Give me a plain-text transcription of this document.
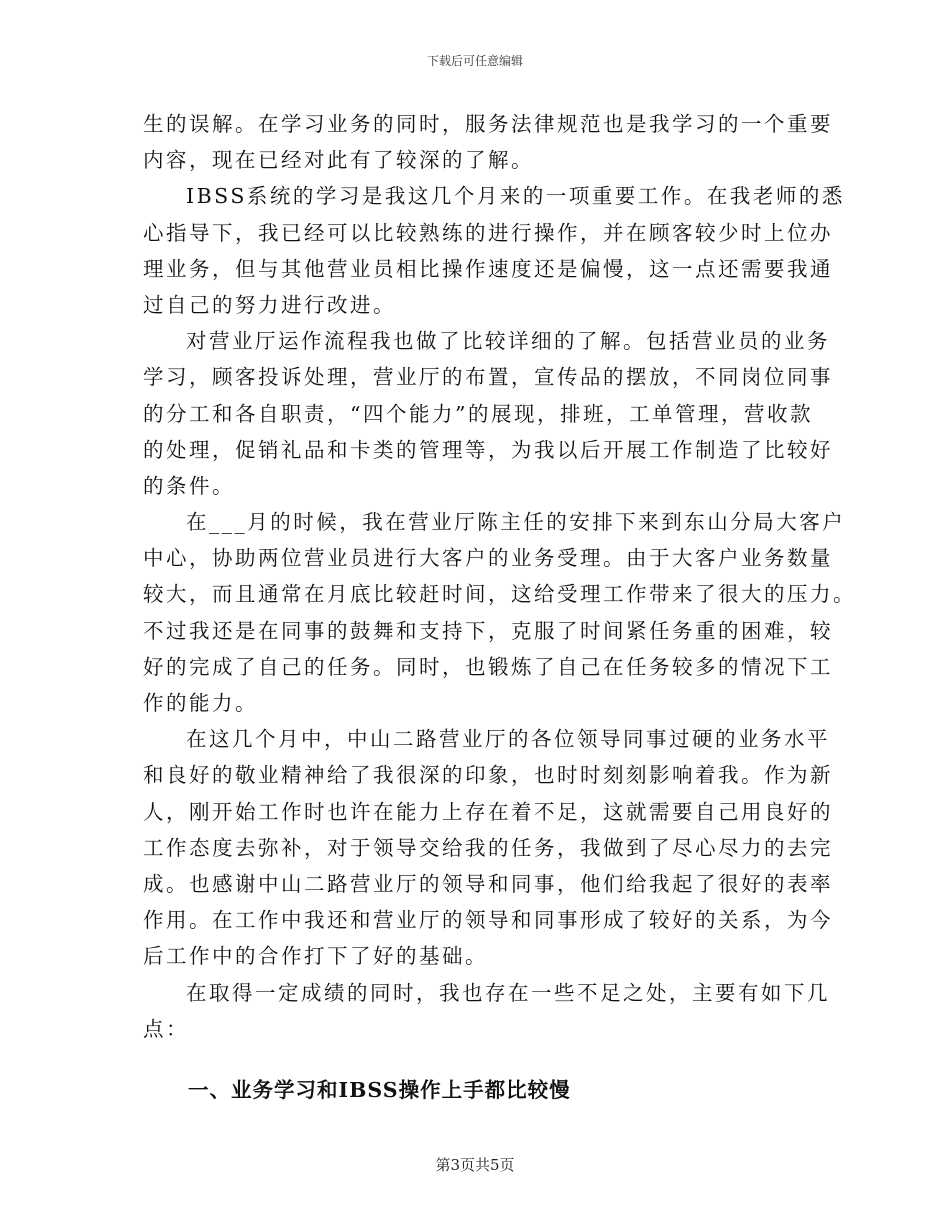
下载后可任意编辑
生的误解。在学习业务的同时，服务法律规范也是我学习的一个重要
内容，现在已经对此有了较深的了解。
IBSS系统的学习是我这几个月来的一项重要工作。在我老师的悉
心指导下，我已经可以比较熟练的进行操作，并在顾客较少时上位办
理业务，但与其他营业员相比操作速度还是偏慢，这一点还需要我通
过自己的努力进行改进。
对营业厅运作流程我也做了比较详细的了解。包括营业员的业务
学习，顾客投诉处理，营业厅的布置，宣传品的摆放，不同岗位同事
的分工和各自职责，“四个能力”的展现，排班，工单管理，营收款
的处理，促销礼品和卡类的管理等，为我以后开展工作制造了比较好
的条件。
在___月的时候，我在营业厅陈主任的安排下来到东山分局大客户
中心，协助两位营业员进行大客户的业务受理。由于大客户业务数量
较大，而且通常在月底比较赶时间，这给受理工作带来了很大的压力。
不过我还是在同事的鼓舞和支持下，克服了时间紧任务重的困难，较
好的完成了自己的任务。同时，也锻炼了自己在任务较多的情况下工
作的能力。
在这几个月中，中山二路营业厅的各位领导同事过硬的业务水平
和良好的敬业精神给了我很深的印象，也时时刻刻影响着我。作为新
人，刚开始工作时也许在能力上存在着不足，这就需要自己用良好的
工作态度去弥补，对于领导交给我的任务，我做到了尽心尽力的去完
成。也感谢中山二路营业厅的领导和同事，他们给我起了很好的表率
作用。在工作中我还和营业厅的领导和同事形成了较好的关系，为今
后工作中的合作打下了好的基础。
在取得一定成绩的同时，我也存在一些不足之处，主要有如下几
点：
一、业务学习和IBSS操作上手都比较慢
第3页共5页
